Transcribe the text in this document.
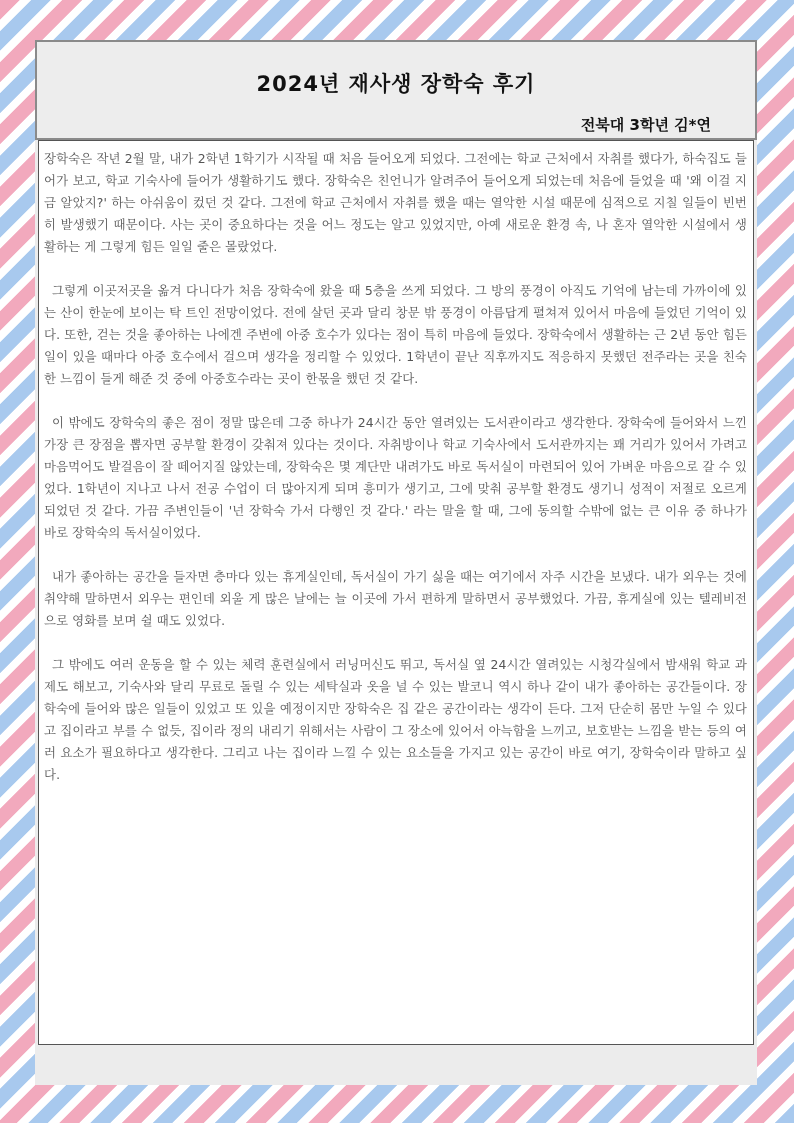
2024년 재사생 장학숙 후기
전북대 3학년 김*연

장학숙은 작년 2월 말, 내가 2학년 1학기가 시작될 때 처음 들어오게 되었다. 그전에는 학교 근처에서 자취를 했다가, 하숙집도 들어가 보고, 학교 기숙사에 들어가 생활하기도 했다. 장학숙은 친언니가 알려주어 들어오게 되었는데 처음에 들었을 때 '왜 이걸 지금 알았지?' 하는 아쉬움이 컸던 것 같다. 그전에 학교 근처에서 자취를 했을 때는 열악한 시설 때문에 심적으로 지칠 일들이 빈번히 발생했기 때문이다. 사는 곳이 중요하다는 것을 어느 정도는 알고 있었지만, 아예 새로운 환경 속, 나 혼자 열악한 시설에서 생활하는 게 그렇게 힘든 일일 줄은 몰랐었다.

그렇게 이곳저곳을 옮겨 다니다가 처음 장학숙에 왔을 때 5층을 쓰게 되었다. 그 방의 풍경이 아직도 기억에 남는데 가까이에 있는 산이 한눈에 보이는 탁 트인 전망이었다. 전에 살던 곳과 달리 창문 밖 풍경이 아름답게 펼쳐져 있어서 마음에 들었던 기억이 있다. 또한, 걷는 것을 좋아하는 나에겐 주변에 아중 호수가 있다는 점이 특히 마음에 들었다. 장학숙에서 생활하는 근 2년 동안 힘든 일이 있을 때마다 아중 호수에서 걸으며 생각을 정리할 수 있었다. 1학년이 끝난 직후까지도 적응하지 못했던 전주라는 곳을 친숙한 느낌이 들게 해준 것 중에 아중호수라는 곳이 한몫을 했던 것 같다.

이 밖에도 장학숙의 좋은 점이 정말 많은데 그중 하나가 24시간 동안 열려있는 도서관이라고 생각한다. 장학숙에 들어와서 느낀 가장 큰 장점을 뽑자면 공부할 환경이 갖춰져 있다는 것이다. 자취방이나 학교 기숙사에서 도서관까지는 꽤 거리가 있어서 가려고 마음먹어도 발걸음이 잘 떼어지질 않았는데, 장학숙은 몇 계단만 내려가도 바로 독서실이 마련되어 있어 가벼운 마음으로 갈 수 있었다. 1학년이 지나고 나서 전공 수업이 더 많아지게 되며 흥미가 생기고, 그에 맞춰 공부할 환경도 생기니 성적이 저절로 오르게 되었던 것 같다. 가끔 주변인들이 '넌 장학숙 가서 다행인 것 같다.' 라는 말을 할 때, 그에 동의할 수밖에 없는 큰 이유 중 하나가 바로 장학숙의 독서실이었다.

내가 좋아하는 공간을 들자면 층마다 있는 휴게실인데, 독서실이 가기 싫을 때는 여기에서 자주 시간을 보냈다. 내가 외우는 것에 취약해 말하면서 외우는 편인데 외울 게 많은 날에는 늘 이곳에 가서 편하게 말하면서 공부했었다. 가끔, 휴게실에 있는 텔레비전으로 영화를 보며 쉴 때도 있었다.

그 밖에도 여러 운동을 할 수 있는 체력 훈련실에서 러닝머신도 뛰고, 독서실 옆 24시간 열려있는 시청각실에서 밤새워 학교 과제도 해보고, 기숙사와 달리 무료로 돌릴 수 있는 세탁실과 옷을 널 수 있는 발코니 역시 하나 같이 내가 좋아하는 공간들이다. 장학숙에 들어와 많은 일들이 있었고 또 있을 예정이지만 장학숙은 집 같은 공간이라는 생각이 든다. 그저 단순히 몸만 누일 수 있다고 집이라고 부를 수 없듯, 집이라 정의 내리기 위해서는 사람이 그 장소에 있어서 아늑함을 느끼고, 보호받는 느낌을 받는 등의 여러 요소가 필요하다고 생각한다. 그리고 나는 집이라 느낄 수 있는 요소들을 가지고 있는 공간이 바로 여기, 장학숙이라 말하고 싶다.
